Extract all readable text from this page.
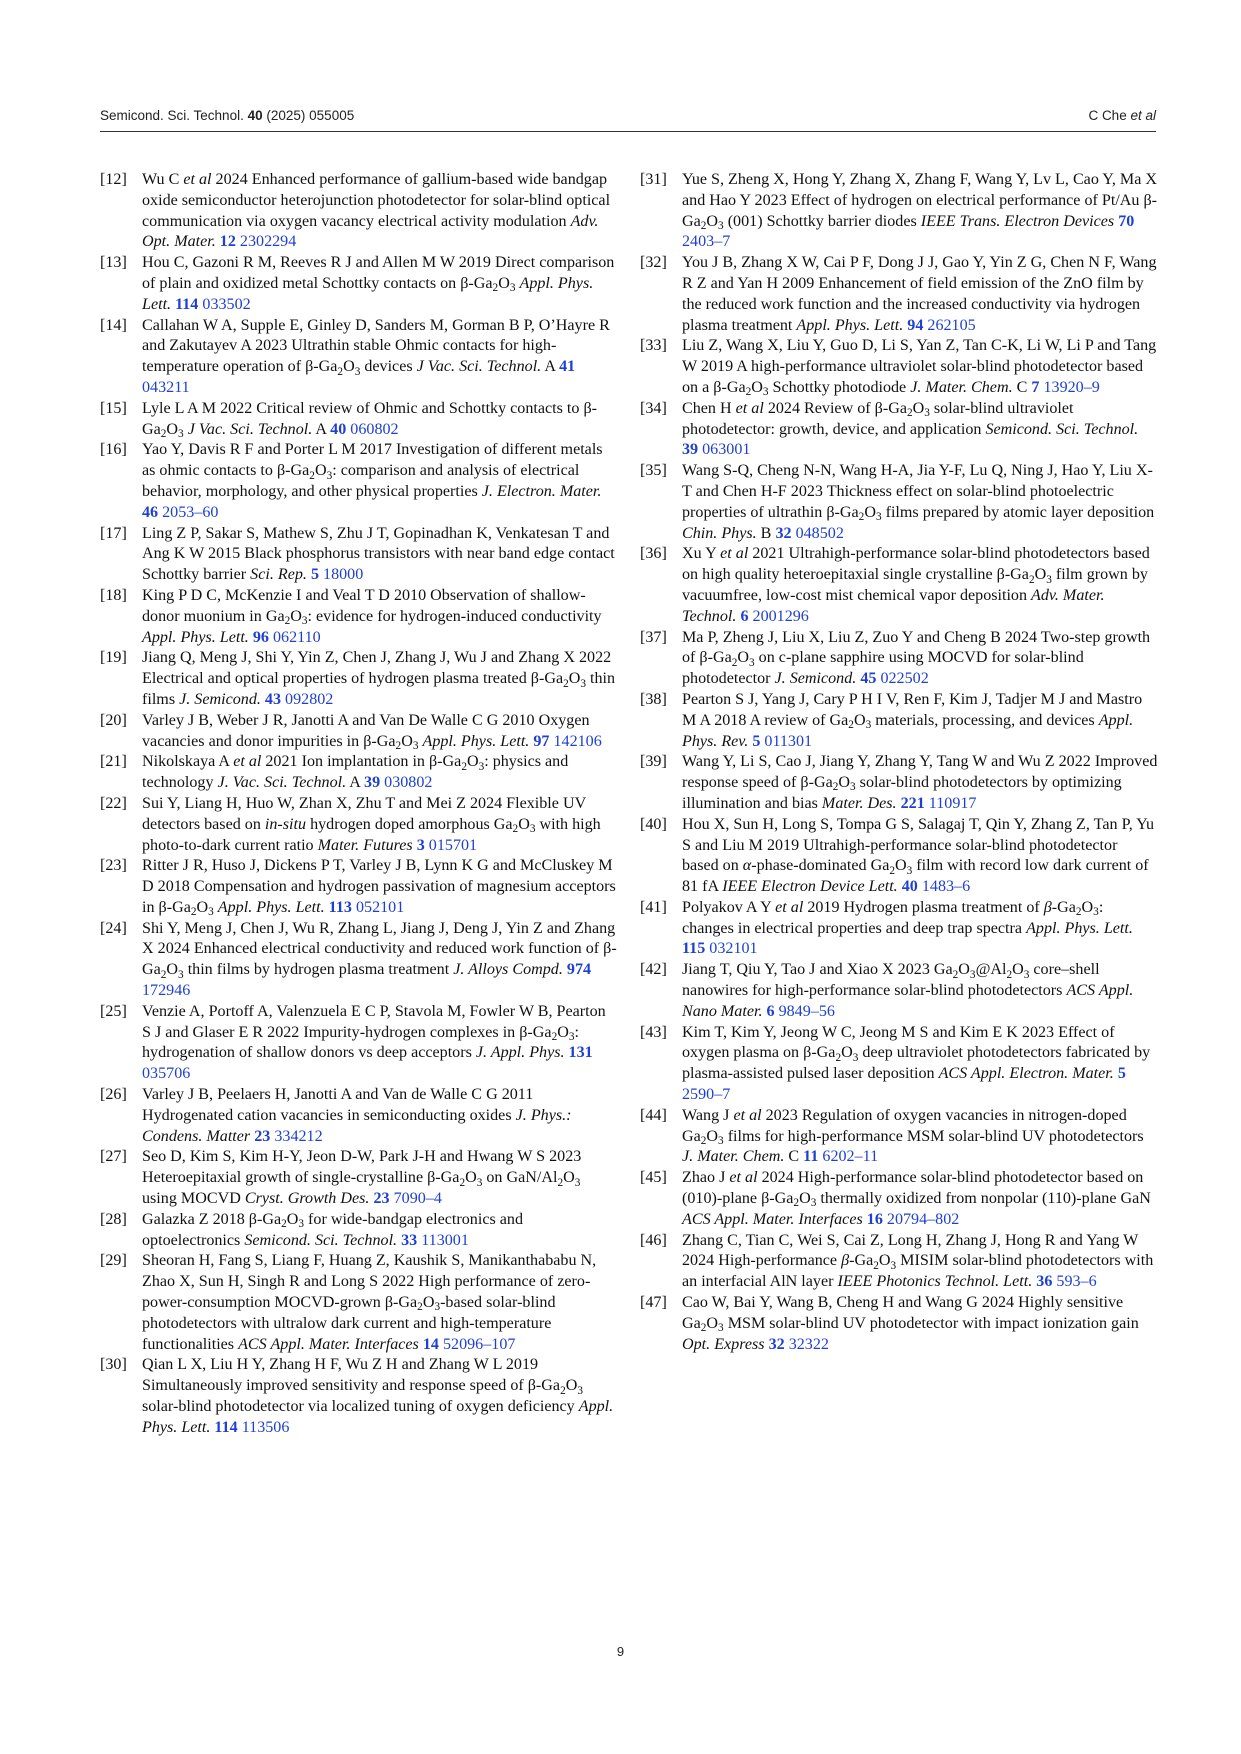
Semicond. Sci. Technol. 40 (2025) 055005	C Che et al

[12] Wu C et al 2024 Enhanced performance of gallium-based wide bandgap oxide semiconductor heterojunction photodetector for solar-blind optical communication via oxygen vacancy electrical activity modulation Adv. Opt. Mater. 12 2302294

[13] Hou C, Gazoni R M, Reeves R J and Allen M W 2019 Direct comparison of plain and oxidized metal Schottky contacts on $\beta-Ga_2O_3$ Appl. Phys. Lett. 114 033502

[14] Callahan W A, Supple E, Ginley D, Sanders M, Gorman B P, O’Hayre R and Zakutayev A 2023 Ultrathin stable Ohmic contacts for high-temperature operation of $\beta-Ga_2O_3$ devices J Vac. Sci. Technol. A 41 043211

[15] Lyle L A M 2022 Critical review of Ohmic and Schottky contacts to $\beta-Ga_2O_3$ J Vac. Sci. Technol. A 40 060802

[16] Yao Y, Davis R F and Porter L M 2017 Investigation of different metals as ohmic contacts to $\beta-Ga_2O_3$: comparison and analysis of electrical behavior, morphology, and other physical properties J. Electron. Mater. 46 2053–60

[17] Ling Z P, Sakar S, Mathew S, Zhu J T, Gopinadhan K, Venkatesan T and Ang K W 2015 Black phosphorus transistors with near band edge contact Schottky barrier Sci. Rep. 5 18000

[18] King P D C, McKenzie I and Veal T D 2010 Observation of shallow-donor muonium in $Ga_2O_3$: evidence for hydrogen-induced conductivity Appl. Phys. Lett. 96 062110

[19] Jiang Q, Meng J, Shi Y, Yin Z, Chen J, Zhang J, Wu J and Zhang X 2022 Electrical and optical properties of hydrogen plasma treated $\beta-Ga_2O_3$ thin films J. Semicond. 43 092802

[20] Varley J B, Weber J R, Janotti A and Van De Walle C G 2010 Oxygen vacancies and donor impurities in $\beta-Ga_2O_3$ Appl. Phys. Lett. 97 142106

[21] Nikolskaya A et al 2021 Ion implantation in $\beta-Ga_2O_3$: physics and technology J. Vac. Sci. Technol. A 39 030802

[22] Sui Y, Liang H, Huo W, Zhan X, Zhu T and Mei Z 2024 Flexible UV detectors based on in-situ hydrogen doped amorphous $Ga_2O_3$ with high photo-to-dark current ratio Mater. Futures 3 015701

[23] Ritter J R, Huso J, Dickens P T, Varley J B, Lynn K G and McCluskey M D 2018 Compensation and hydrogen passivation of magnesium acceptors in $\beta-Ga_2O_3$ Appl. Phys. Lett. 113 052101

[24] Shi Y, Meng J, Chen J, Wu R, Zhang L, Jiang J, Deng J, Yin Z and Zhang X 2024 Enhanced electrical conductivity and reduced work function of $\beta-Ga_2O_3$ thin films by hydrogen plasma treatment J. Alloys Compd. 974 172946

[25] Venzie A, Portoff A, Valenzuela E C P, Stavola M, Fowler W B, Pearton S J and Glaser E R 2022 Impurity-hydrogen complexes in $\beta-Ga_2O_3$: hydrogenation of shallow donors vs deep acceptors J. Appl. Phys. 131 035706

[26] Varley J B, Peelaers H, Janotti A and Van de Walle C G 2011 Hydrogenated cation vacancies in semiconducting oxides J. Phys.: Condens. Matter 23 334212

[27] Seo D, Kim S, Kim H-Y, Jeon D-W, Park J-H and Hwang W S 2023 Heteroepitaxial growth of single-crystalline $\beta-Ga_2O_3$ on GaN/$Al_2O_3$ using MOCVD Cryst. Growth Des. 23 7090–4

[28] Galazka Z 2018 $\beta-Ga_2O_3$ for wide-bandgap electronics and optoelectronics Semicond. Sci. Technol. 33 113001

[29] Sheoran H, Fang S, Liang F, Huang Z, Kaushik S, Manikanthababu N, Zhao X, Sun H, Singh R and Long S 2022 High performance of zero-power-consumption MOCVD-grown $\beta-Ga_2O_3$-based solar-blind photodetectors with ultralow dark current and high-temperature functionalities ACS Appl. Mater. Interfaces 14 52096–107

[30] Qian L X, Liu H Y, Zhang H F, Wu Z H and Zhang W L 2019 Simultaneously improved sensitivity and response speed of $\beta-Ga_2O_3$ solar-blind photodetector via localized tuning of oxygen deficiency Appl. Phys. Lett. 114 113506

[31] Yue S, Zheng X, Hong Y, Zhang X, Zhang F, Wang Y, Lv L, Cao Y, Ma X and Hao Y 2023 Effect of hydrogen on electrical performance of Pt/Au $\beta-Ga_2O_3$ (001) Schottky barrier diodes IEEE Trans. Electron Devices 70 2403–7

[32] You J B, Zhang X W, Cai P F, Dong J J, Gao Y, Yin Z G, Chen N F, Wang R Z and Yan H 2009 Enhancement of field emission of the ZnO film by the reduced work function and the increased conductivity via hydrogen plasma treatment Appl. Phys. Lett. 94 262105

[33] Liu Z, Wang X, Liu Y, Guo D, Li S, Yan Z, Tan C-K, Li W, Li P and Tang W 2019 A high-performance ultraviolet solar-blind photodetector based on a $\beta-Ga_2O_3$ Schottky photodiode J. Mater. Chem. C 7 13920–9

[34] Chen H et al 2024 Review of $\beta-Ga_2O_3$ solar-blind ultraviolet photodetector: growth, device, and application Semicond. Sci. Technol. 39 063001

[35] Wang S-Q, Cheng N-N, Wang H-A, Jia Y-F, Lu Q, Ning J, Hao Y, Liu X-T and Chen H-F 2023 Thickness effect on solar-blind photoelectric properties of ultrathin $\beta-Ga_2O_3$ films prepared by atomic layer deposition Chin. Phys. B 32 048502

[36] Xu Y et al 2021 Ultrahigh-performance solar-blind photodetectors based on high quality heteroepitaxial single crystalline $\beta-Ga_2O_3$ film grown by vacuumfree, low-cost mist chemical vapor deposition Adv. Mater. Technol. 6 2001296

[37] Ma P, Zheng J, Liu X, Liu Z, Zuo Y and Cheng B 2024 Two-step growth of $\beta-Ga_2O_3$ on c-plane sapphire using MOCVD for solar-blind photodetector J. Semicond. 45 022502

[38] Pearton S J, Yang J, Cary P H I V, Ren F, Kim J, Tadjer M J and Mastro M A 2018 A review of $Ga_2O_3$ materials, processing, and devices Appl. Phys. Rev. 5 011301

[39] Wang Y, Li S, Cao J, Jiang Y, Zhang Y, Tang W and Wu Z 2022 Improved response speed of $\beta-Ga_2O_3$ solar-blind photodetectors by optimizing illumination and bias Mater. Des. 221 110917

[40] Hou X, Sun H, Long S, Tompa G S, Salagaj T, Qin Y, Zhang Z, Tan P, Yu S and Liu M 2019 Ultrahigh-performance solar-blind photodetector based on α-phase-dominated $Ga_2O_3$ film with record low dark current of 81 fA IEEE Electron Device Lett. 40 1483–6

[41] Polyakov A Y et al 2019 Hydrogen plasma treatment of $\beta-Ga_2O_3$: changes in electrical properties and deep trap spectra Appl. Phys. Lett. 115 032101

[42] Jiang T, Qiu Y, Tao J and Xiao X 2023 $Ga_2O_3@Al_2O_3$ core–shell nanowires for high-performance solar-blind photodetectors ACS Appl. Nano Mater. 6 9849–56

[43] Kim T, Kim Y, Jeong W C, Jeong M S and Kim E K 2023 Effect of oxygen plasma on $\beta-Ga_2O_3$ deep ultraviolet photodetectors fabricated by plasma-assisted pulsed laser deposition ACS Appl. Electron. Mater. 5 2590–7

[44] Wang J et al 2023 Regulation of oxygen vacancies in nitrogen-doped $Ga_2O_3$ films for high-performance MSM solar-blind UV photodetectors J. Mater. Chem. C 11 6202–11

[45] Zhao J et al 2024 High-performance solar-blind photodetector based on (010)-plane $\beta-Ga_2O_3$ thermally oxidized from nonpolar (110)-plane GaN ACS Appl. Mater. Interfaces 16 20794–802

[46] Zhang C, Tian C, Wei S, Cai Z, Long H, Zhang J, Hong R and Yang W 2024 High-performance $\beta-Ga_2O_3$ MISIM solar-blind photodetectors with an interfacial AlN layer IEEE Photonics Technol. Lett. 36 593–6

[47] Cao W, Bai Y, Wang B, Cheng H and Wang G 2024 Highly sensitive $Ga_2O_3$ MSM solar-blind UV photodetector with impact ionization gain Opt. Express 32 32322

9
